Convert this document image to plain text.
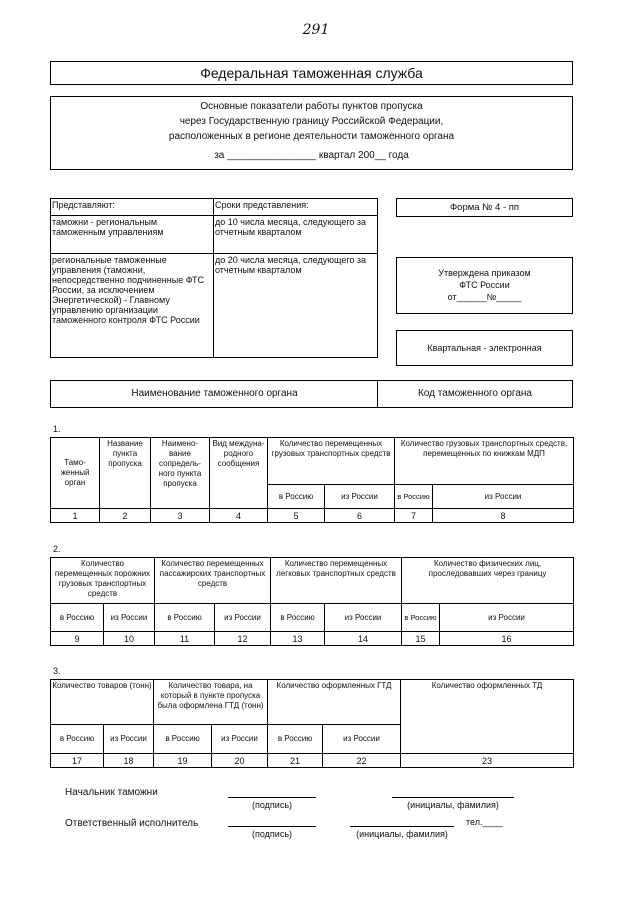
291
Федеральная таможенная служба
Основные показатели работы пунктов пропуска
через Государственную границу Российской Федерации,
расположенных в регионе деятельности таможенного органа
за ________________ квартал 200__ года
Представляют:	Сроки представления:
таможни - региональным таможенным управлениям	до 10 числа месяца, следующего за отчетным кварталом
региональные таможенные управления (таможни, непосредственно подчиненные ФТС России, за исключением Энергетической) - Главному управлению организации таможенного контроля ФТС России	до 20 числа месяца, следующего за отчетным кварталом
Форма № 4 - пп
Утверждена приказом
ФТС России
от______№_____
Квартальная - электронная
Наименование таможенного органа	Код таможенного органа
1.
Тамо-женный орган	Название пункта пропуска	Наимено-вание сопредель-ного пункта пропуска	Вид междуна-родного сообщения	Количество перемещенных грузовых транспортных средств		Количество грузовых транспортных средств, перемещенных по книжкам МДП	
				в Россию	из России	в Россию	из России
1	2	3	4	5	6	7	8
2.
Количество перемещенных порожних грузовых транспортных средств		Количество перемещенных пассажирских транспортных средств		Количество перемещенных легковых транспортных средств		Количество физических лиц, проследовавших через границу	
в Россию	из России	в Россию	из России	в Россию	из России	в Россию	из России
9	10	11	12	13	14	15	16
3.
Количество товаров (тонн)		Количество товара, на который в пункте пропуска была оформлена ГТД (тонн)		Количество оформленных ГТД		Количество оформленных ТД
в Россию	из России	в Россию	из России	в Россию	из России	
17	18	19	20	21	22	23
Начальник таможни
(подпись)	(инициалы, фамилия)
Ответственный исполнитель
(подпись)	(инициалы, фамилия)
тел.____
